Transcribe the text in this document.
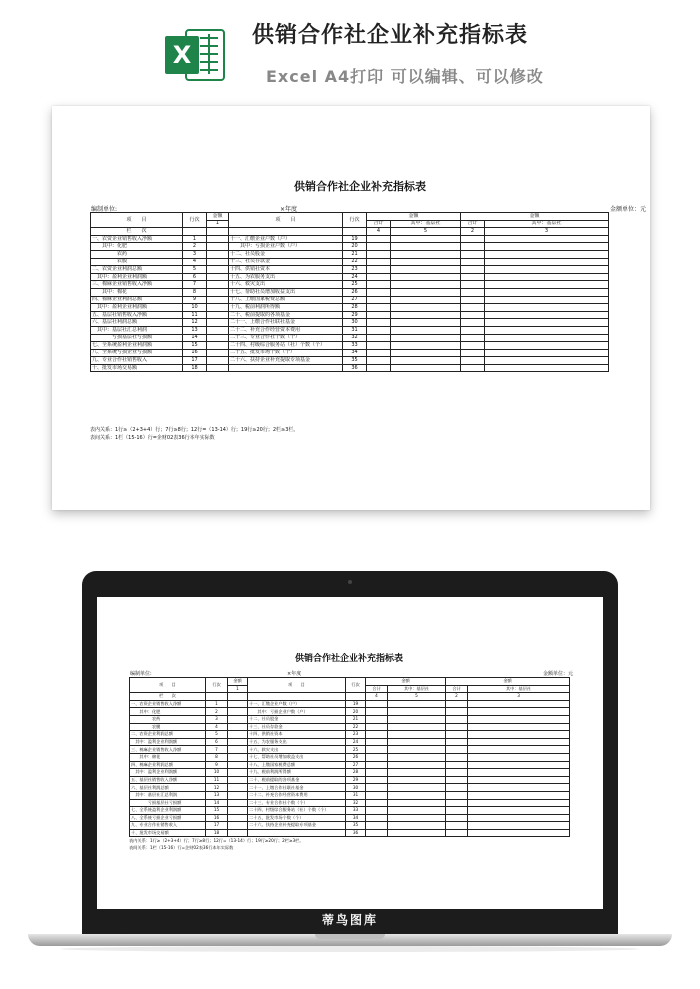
X
供销合作社企业补充指标表
Excel A4打印 可以编辑、可以修改
供销合作社企业补充指标表
编制单位:	×年度	金额单位：元
项　　目	行次	金额	项　　目	行次	金额		金额	
		1			合计	其中：基层社	合计	其中：基层社
栏　　次					4	5	2	3
一、农资企业销售收入净额	1		十一、汇缴企业户数（户）	19				
　　其中：化肥	2		　　其中：亏损企业户数（户）	20				
　　　　　农药	3		十二、社员股金	21				
　　　　　农膜	4		十三、社员存款金	22				
二、农资企业利润总额	5		十四、供销社资本	23				
　其中：盈利企业利润额	6		十五、为农服务支出	24				
三、棉麻企业销售收入净额	7		十六、救灾支出	25				
　　其中：棉花	8		十七、帮助社员增加收益支出	26				
四、棉麻企业利润总额	9		十八、上缴国家税费总额	27				
　其中：盈利企业利润额	10		十九、税前利润所得额	28				
五、基层社销售收入净额	11		二十、税前提取的各项基金	29				
六、基层社利润总额	12		二十一、上缴合作社联社基金	30				
　其中：基层社汇总利润	13		二十二、补充合作经营资本费用	31				
　　　　亏损基层社亏损额	14		二十三、专业合作社个数（个）	32				
七、全系统盈利企业利润额	15		二十四、村级综合服务站（社）个数（个）	33				
八、全系统亏损企业亏损额	16		二十五、批发市场个数（个）	34				
九、专业合作社销售收入	17		二十六、扶持企业补充提取专项基金	35				
十、批发市场交易额	18			36				
表内关系：1行≥（2+3+4）行；7行≥8行；12行=（13-14）行；19行≥20行；2栏≥3栏。
表间关系：1栏（15-16）行=企财02表36行本年实际数
供销合作社企业补充指标表
编制单位:	×年度	金额单位：元
项　　目	行次	金额	项　　目	行次	金额		金额	
		1			合计	其中：基层社	合计	其中：基层社
栏　　次					4	5	2	3
一、农资企业销售收入净额	1		十一、汇缴企业户数（户）	19				
　　其中：化肥	2		　　其中：亏损企业户数（户）	20				
　　　　　农药	3		十二、社员股金	21				
　　　　　农膜	4		十三、社员存款金	22				
二、农资企业利润总额	5		十四、供销社资本	23				
　其中：盈利企业利润额	6		十五、为农服务支出	24				
三、棉麻企业销售收入净额	7		十六、救灾支出	25				
　　其中：棉花	8		十七、帮助社员增加收益支出	26				
四、棉麻企业利润总额	9		十八、上缴国家税费总额	27				
　其中：盈利企业利润额	10		十九、税前利润所得额	28				
五、基层社销售收入净额	11		二十、税前提取的各项基金	29				
六、基层社利润总额	12		二十一、上缴合作社联社基金	30				
　其中：基层社汇总利润	13		二十二、补充合作经营资本费用	31				
　　　　亏损基层社亏损额	14		二十三、专业合作社个数（个）	32				
七、全系统盈利企业利润额	15		二十四、村级综合服务站（社）个数（个）	33				
八、全系统亏损企业亏损额	16		二十五、批发市场个数（个）	34				
九、专业合作社销售收入	17		二十六、扶持企业补充提取专项基金	35				
十、批发市场交易额	18			36				
表内关系：1行≥（2+3+4）行；7行≥8行；12行=（13-14）行；19行≥20行；2栏≥3栏。
表间关系：1栏（15-16）行=企财02表36行本年实际数
蒂鸟图库
